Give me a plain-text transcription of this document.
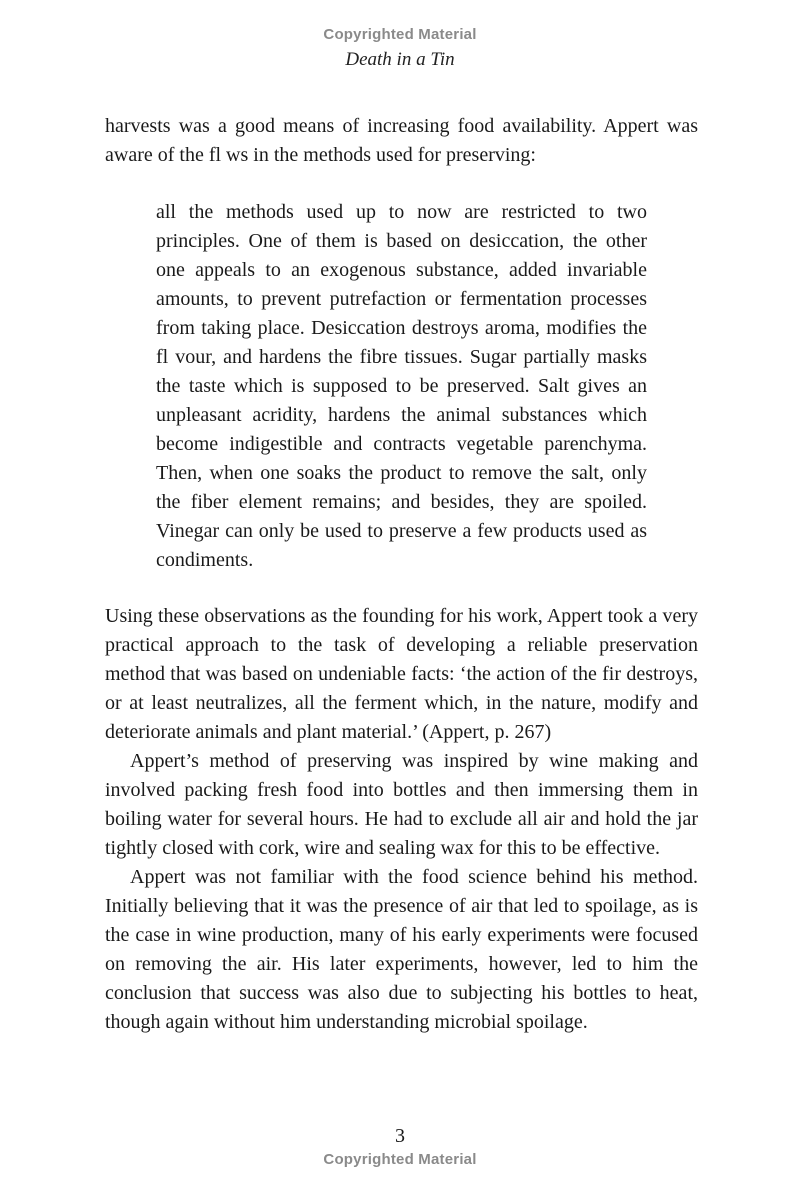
Copyrighted Material
Death in a Tin

harvests was a good means of increasing food availability. Appert was aware of the fl ws in the methods used for preserving:

all the methods used up to now are restricted to two principles. One of them is based on desiccation, the other one appeals to an exogenous substance, added invariable amounts, to prevent putrefaction or fermentation processes from taking place. Desiccation destroys aroma, modifies the fl vour, and hardens the fibre tissues. Sugar partially masks the taste which is supposed to be preserved. Salt gives an unpleasant acridity, hardens the animal substances which become indigestible and contracts vegetable parenchyma. Then, when one soaks the product to remove the salt, only the fiber element remains; and besides, they are spoiled. Vinegar can only be used to preserve a few products used as condiments.

Using these observations as the founding for his work, Appert took a very practical approach to the task of developing a reliable preservation method that was based on undeniable facts: ‘the action of the fir destroys, or at least neutralizes, all the ferment which, in the nature, modify and deteriorate animals and plant material.’ (Appert, p. 267)

Appert’s method of preserving was inspired by wine making and involved packing fresh food into bottles and then immersing them in boiling water for several hours. He had to exclude all air and hold the jar tightly closed with cork, wire and sealing wax for this to be effective.

Appert was not familiar with the food science behind his method. Initially believing that it was the presence of air that led to spoilage, as is the case in wine production, many of his early experiments were focused on removing the air. His later experiments, however, led to him the conclusion that success was also due to subjecting his bottles to heat, though again without him understanding microbial spoilage.

3
Copyrighted Material
